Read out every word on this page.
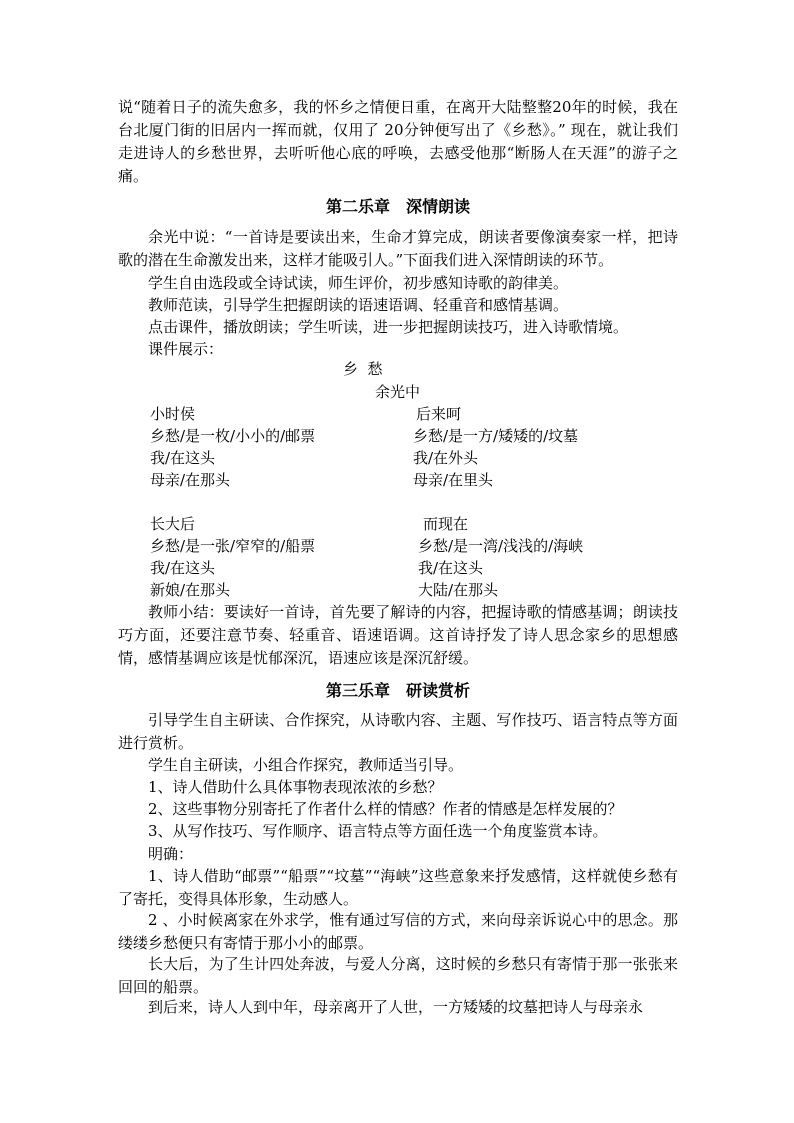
说“随着日子的流失愈多，我的怀乡之情便日重，在离开大陆整整20年的时候，我在台北厦门街的旧居内一挥而就，仅用了 20分钟便写出了《乡愁》。” 现在，就让我们走进诗人的乡愁世界，去听听他心底的呼唤，去感受他那“断肠人在天涯”的游子之痛。

第二乐章　深情朗读

余光中说：“一首诗是要读出来，生命才算完成，朗读者要像演奏家一样，把诗歌的潜在生命激发出来，这样才能吸引人。”下面我们进入深情朗读的环节。

学生自由选段或全诗试读，师生评价，初步感知诗歌的韵律美。

教师范读，引导学生把握朗读的语速语调、轻重音和感情基调。

点击课件，播放朗读；学生听读，进一步把握朗读技巧，进入诗歌情境。

课件展示：

乡  愁
余光中
小时侯
乡愁/是一枚/小小的/邮票
我/在这头
母亲/在那头
后来呵
乡愁/是一方/矮矮的/坟墓
我/在外头
母亲/在里头
长大后
乡愁/是一张/窄窄的/船票
我/在这头
新娘/在那头
而现在
乡愁/是一湾/浅浅的/海峡
我/在这头
大陆/在那头

教师小结：要读好一首诗，首先要了解诗的内容，把握诗歌的情感基调；朗读技巧方面，还要注意节奏、轻重音、语速语调。这首诗抒发了诗人思念家乡的思想感情，感情基调应该是忧郁深沉，语速应该是深沉舒缓。

第三乐章　研读赏析

引导学生自主研读、合作探究，从诗歌内容、主题、写作技巧、语言特点等方面进行赏析。

学生自主研读，小组合作探究，教师适当引导。

1、诗人借助什么具体事物表现浓浓的乡愁？

2、这些事物分别寄托了作者什么样的情感？作者的情感是怎样发展的？

3、从写作技巧、写作顺序、语言特点等方面任选一个角度鉴赏本诗。

明确：

1、诗人借助“邮票”“船票”“坟墓”“海峡”这些意象来抒发感情，这样就使乡愁有了寄托，变得具体形象，生动感人。

2 、小时候离家在外求学，惟有通过写信的方式，来向母亲诉说心中的思念。那缕缕乡愁便只有寄情于那小小的邮票。

长大后，为了生计四处奔波，与爱人分离，这时候的乡愁只有寄情于那一张张来回回的船票。

到后来，诗人人到中年，母亲离开了人世，一方矮矮的坟墓把诗人与母亲永
